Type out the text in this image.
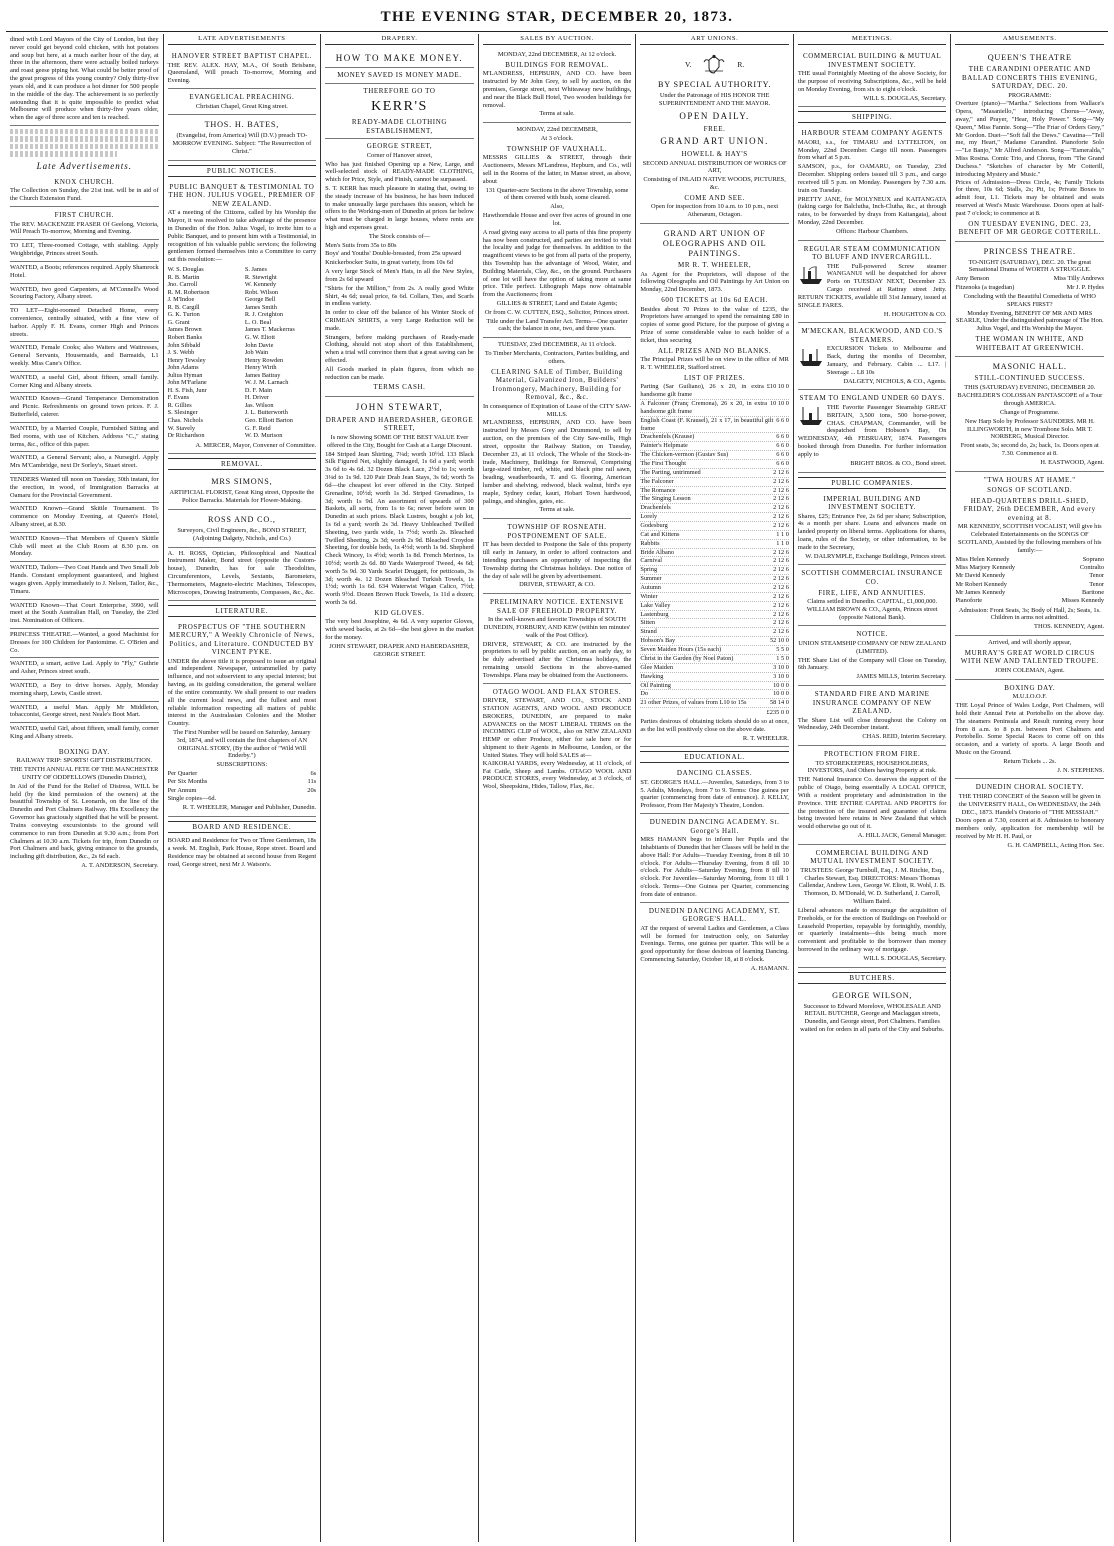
THE EVENING STAR, DECEMBER 20, 1873.
dined with Lord Mayors of the City of London, but they never could get beyond cold chicken, with hot potatoes and soup but here, at a much earlier hour of the day, at three in the afternoon, there were actually boiled turkeys and roast geese piping hot. What could be better proof of the great progress of this young country? Only thirty-five years old, and it can produce a hot dinner for 500 people in the middle of the day. The achievement is so perfectly astounding that it is quite impossible to predict what Melbourne will produce when thirty-five years older, when the age of three score and ten is reached.
Late Advertisements.
KNOX CHURCH.
The Collection on Sunday, the 21st inst. will be in aid of the Church Extension Fund.
FIRST CHURCH.
The REV. MACKENZIE FRASER Of Geelong, Victoria, Will Preach To-morrow, Morning and Evening.
TO LET, Three-roomed Cottage, with stabling. Apply Weighbridge, Princes street South.
WANTED, a Boots; references required. Apply Shamrock Hotel.
WANTED, two good Carpenters, at M'Connell's Wood Scouring Factory, Albany street.
TO LET—Eight-roomed Detached Home, every convenience, centrally situated, with a fine view of harbor. Apply F. H. Evans, corner High and Princes streets.
WANTED, Female Cooks; also Waiters and Waitresses, General Servants, Housemaids, and Barmaids, L1 weekly. Miss Cane's Office.
WANTED, a useful Girl, about fifteen, small family. Corner King and Albany streets.
WANTED Known—Grand Temperance Demonstration and Picnic. Refreshments on ground town prices. F. J. Butterfield, caterer.
WANTED, by a Married Couple, Furnished Sitting and Bed rooms, with use of Kitchen. Address "C.," stating terms, &c., office of this paper.
WANTED, a General Servant; also, a Nursegirl. Apply Mrs M'Cambridge, next Dr Sorley's, Stuart street.
TENDERS Wanted till noon on Tuesday, 30th instant, for the erection, in wood, of Immigration Barracks at Oamaru for the Provincial Government.
WANTED Known—Grand Skittle Tournament. To commence on Monday Evening, at Queen's Hotel, Albany street, at 8.30.
WANTED Known—That Members of Queen's Skittle Club will meet at the Club Room at 8.30 p.m. on Monday.
WANTED, Tailors—Two Coat Hands and Two Small Job Hands. Constant employment guaranteed, and highest wages given. Apply immediately to J. Nelson, Tailor, &c., Timaru.
WANTED Known—That Court Enterprise, 3990, will meet at the South Australian Hall, on Tuesday, the 23rd inst. Nomination of Officers.
PRINCESS THEATRE.—Wanted, a good Machinist for Dresses for 100 Children for Pantomime. C. O'Brien and Co.
WANTED, a smart, active Lad. Apply to "Fly," Guthrie and Asher, Princes street south.
WANTED, a Boy to drive horses. Apply, Monday morning sharp, Lewis, Castle street.
WANTED, a useful Man. Apply Mr Middleton, tobacconist, George street, next Neale's Boot Mart.
WANTED, useful Girl, about fifteen, small family, corner King and Albany streets.
BOXING DAY.
RAILWAY TRIP: SPORTS! GIFT DISTRIBUTION.
THE TENTH ANNUAL FETE OF THE MANCHESTER UNITY OF ODDFELLOWS (Dunedin District),
In Aid of the Fund for the Relief of Distress, WILL be held (by the kind permission of the owners) at the beautiful Township of St. Leonards, on the line of the Dunedin and Port Chalmers Railway. His Excellency the Governor has graciously signified that he will be present. Trains conveying excursionists to the ground will commence to run from Dunedin at 9.30 a.m.; from Port Chalmers at 10.30 a.m. Tickets for trip, from Dunedin or Port Chalmers and back, giving entrance to the grounds, including gift distribution, &c., 2s 6d each.
A. T. ANDERSON, Secretary.
LATE ADVERTISEMENTS
HANOVER STREET BAPTIST CHAPEL.
THE REV. ALEX. HAY, M.A., Of South Brisbane, Queensland, Will preach To-morrow, Morning and Evening.
EVANGELICAL PREACHING.
Christian Chapel, Great King street.
THOS. H. BATES,
(Evangelist, from America) Will (D.V.) preach TO-MORROW EVENING. Subject: "The Resurrection of Christ."
PUBLIC NOTICES.
PUBLIC BANQUET & TESTIMONIAL TO THE HON. JULIUS VOGEL, PREMIER OF NEW ZEALAND.
AT a meeting of the Citizens, called by his Worship the Mayor, it was resolved to take advantage of the presence in Dunedin of the Hon. Julius Vogel, to invite him to a Public Banquet, and to present him with a Testimonial, in recognition of his valuable public services; the following gentlemen formed themselves into a Committee to carry out this resolution:—
W. S. Douglas
R. B. Martin
Jno. Carroll
R. M. Robertson
J. M'Indoe
R. B. Cargill
G. K. Turton
G. Grant
James Brown
Robert Banks
John Sibbald
J. S. Webb
Henry Tewsley
John Adams
Julius Hyman
John M'Farlane
H. S. Fish, Junr
F. Evans
R. Gillies
S. Slesinger
Chas. Nichols
W. Stavely
Dr Richardson
S. James
R. Stewright
W. Kennedy
Robt. Wilson
George Bell
James Smith
R. J. Creighton
L. O. Beal
James T. Mackerras
G. W. Eliott
John Davie
Job Wain
Henry Rowden
Henry Wirth
James Battray
W. J. M. Larnach
D. F. Main
H. Driver
Jas. Wilson
J. L. Butterworth
Geo. Elliott Barton
G. F. Reid
W. D. Murison
A. MERCER, Mayor, Convener of Committee.
REMOVAL.
MRS SIMONS,
ARTIFICIAL FLORIST, Great King street, Opposite the Police Barracks. Materials for Flower-Making.
ROSS AND CO.,
Surveyors, Civil Engineers, &c., BOND STREET, (Adjoining Dalgety, Nichols, and Co.)
A. H. ROSS, Optician, Philosophical and Nautical Instrument Maker, Bond street (opposite the Custom-house), Dunedin, has for sale Theodolites, Circumferentors, Levels, Sextants, Barometers, Thermometers, Magneto-electric Machines, Telescopes, Microscopes, Drawing Instruments, Compasses, &c., &c.
LITERATURE.
PROSPECTUS OF "THE SOUTHERN MERCURY," A Weekly Chronicle of News, Politics, and Literature. CONDUCTED BY VINCENT PYKE.
UNDER the above title it is proposed to issue an original and independent Newspaper, untrammelled by party influence, and not subservient to any special interest; but having, as its guiding consideration, the general welfare of the entire community. We shall present to our readers all the current local news, and the fullest and most reliable information respecting all matters of public interest in the Australasian Colonies and the Mother Country.
The First Number will be issued on Saturday, January 3rd, 1874, and will contain the first chapters of AN ORIGINAL STORY, (By the author of "Wild Will Enderby.")
SUBSCRIPTIONS:
Per Quarter	6s
Per Six Months	11s
Per Annum	20s
Single copies—6d.
R. T. WHEELER, Manager and Publisher, Dunedin.
BOARD AND RESIDENCE.
BOARD and Residence for Two or Three Gentlemen, 18s a week. M. English, Park House, Rope street. Board and Residence may be obtained at second house from Regent road, George street, next Mr J. Watson's.
DRAPERY.
HOW TO MAKE MONEY.
MONEY SAVED IS MONEY MADE.
THEREFORE GO TO
KERR'S
READY-MADE CLOTHING ESTABLISHMENT,
GEORGE STREET,
Corner of Hanover street,
Who has just finished Opening up a New, Large, and well-selected stock of READY-MADE CLOTHING, which for Price, Style, and Finish, cannot be surpassed.
S. T. KERR has much pleasure in stating that, owing to the steady increase of his business, he has been induced to make unusually large purchases this season, which he offers to the Working-men of Dunedin at prices far below what must be charged in large houses, where rents are high and expenses great.
The Stock consists of—
Men's Suits from 35s to 80s
Boys' and Youths' Double-breasted, from 25s upward
Knickerbocker Suits, in great variety, from 10s 6d
A very large Stock of Men's Hats, in all the New Styles, from 2s 6d upward
"Shirts for the Million," from 2s. A really good White Shirt, 4s 6d; usual price, 6s 6d. Collars, Ties, and Scarfs in endless variety.
In order to clear off the balance of his Winter Stock of CRIMEAN SHIRTS, a very Large Reduction will be made.
Strangers, before making purchases of Ready-made Clothing, should not stop short of this Establishment, when a trial will convince them that a great saving can be effected.
All Goods marked in plain figures, from which no reduction can be made.
TERMS CASH.
JOHN STEWART,
DRAPER AND HABERDASHER, GEORGE STREET,
Is now Showing SOME OF THE BEST VALUE Ever offered in the City, Bought for Cash at a Large Discount.
184 Striped Jean Shirting, 7¼d; worth 10½d. 133 Black Silk Figured Net, slightly damaged, 1s 6d a yard; worth 3s 6d to 4s 6d. 32 Dozen Black Lace, 2½d to 1s; worth 3¼d to 1s 9d. 120 Pair Drab Jean Stays, 3s 6d; worth 5s 6d—the cheapest lot ever offered in the City. Striped Grenadine, 10½d; worth 1s 3d. Striped Grenadines, 1s 3d; worth 1s 9d. An assortment of upwards of 300 Baskets, all sorts, from 1s to 6s; never before seen in Dunedin at such prices. Black Lustres, bought a job lot, 1s 6d a yard; worth 2s 3d. Heavy Unbleached Twilled Sheeting, two yards wide, 1s 7½d; worth 2s. Bleached Twilled Sheeting, 2s 3d; worth 2s 9d. Bleached Croydon Sheeting, for double beds, 1s 4½d; worth 1s 9d. Shepherd Check Wincey, 1s 4½d; worth 1s 8d. French Merinos, 1s 10½d; worth 2s 6d. 80 Yards Waterproof Tweed, 4s 6d; worth 5s 9d. 30 Yards Scarlet Druggett, for petticoats, 3s 3d; worth 4s. 12 Dozen Bleached Turkish Towels, 1s 1½d; worth 1s 6d. 634 Waterwist Wigan Calico, 7½d; worth 9½d. Dozen Brown Huck Towels, 1s 11d a dozen; worth 3s 6d.
KID GLOVES.
The very best Josephine, 4s 6d. A very superior Gloves, with sewed backs, at 2s 6d—the best glove in the market for the money.
JOHN STEWART, DRAPER AND HABERDASHER, GEORGE STREET.
SALES BY AUCTION.
MONDAY, 22nd DECEMBER, At 12 o'clock.
BUILDINGS FOR REMOVAL.
M'LANDRESS, HEPBURN, AND CO. have been instructed by Mr John Grey, to sell by auction, on the premises, George street, next Whiteaway new buildings, and near the Black Bull Hotel, Two wooden buildings for removal.
Terms at sale.
MONDAY, 22nd DECEMBER,
At 3 o'clock.
TOWNSHIP OF VAUXHALL.
MESSRS GILLIES & STREET, through their Auctioneers, Messrs M'Landress, Hepburn, and Co., will sell in the Rooms of the latter, in Manse street, as above, about
131 Quarter-acre Sections in the above Township, some of them covered with bush, some cleared.
Also,
Hawthorndale House and over five acres of ground in one lot.
A road giving easy access to all parts of this fine property has now been constructed, and parties are invited to visit the locality and judge for themselves. In addition to the magnificent views to be got from all parts of the property, this Township has the advantage of Wood, Water, and Building Materials, Clay, &c., on the ground. Purchasers of one lot will have the option of taking more at same price. Title perfect. Lithograph Maps now obtainable from the Auctioneers; from
GILLIES & STREET, Land and Estate Agents;
Or from C. W. CUTTEN, ESQ., Solicitor, Princes street.
Title under the Land Transfer Act. Terms—One quarter cash; the balance in one, two, and three years.
TUESDAY, 23rd DECEMBER, At 11 o'clock.
To Timber Merchants, Contractors, Parties building, and others.
CLEARING SALE of Timber, Building Material, Galvanized Iron, Builders' Ironmongery, Machinery, Building for Removal, &c., &c.
In consequence of Expiration of Lease of the CITY SAW-MILLS.
M'LANDRESS, HEPBURN, AND CO. have been instructed by Messrs Grey and Drummond, to sell by auction, on the premises of the City Saw-mills, High street, opposite the Railway Station, on Tuesday, December 23, at 11 o'clock, The Whole of the Stock-in-trade, Machinery, Buildings for Removal, Comprising large-sized timber, red, white, and black pine rail sawn, beading, weatherboards, T. and G. flooring, American lumber and shelving, redwood, black walnut, bird's eye maple, Sydney cedar, kauri, Hobart Town hardwood, palings, and shingles, gates, etc.
Terms at sale.
TOWNSHIP OF ROSNEATH. POSTPONEMENT OF SALE.
IT has been decided to Postpone the Sale of this property till early in January, in order to afford contractors and intending purchasers an opportunity of inspecting the Township during the Christmas holidays. Due notice of the day of sale will be given by advertisement.
DRIVER, STEWART, & CO.
PRELIMINARY NOTICE. EXTENSIVE SALE OF FREEHOLD PROPERTY.
In the well-known and favorite Townships of SOUTH DUNEDIN, FORBURY, AND KEW (within ten minutes' walk of the Post Office).
DRIVER, STEWART, & CO. are instructed by the proprietors to sell by public auction, on an early day, to be duly advertised after the Christmas holidays, the remaining unsold Sections in the above-named Townships. Plans may be obtained from the Auctioneers.
OTAGO WOOL AND FLAX STORES.
DRIVER, STEWART, AND CO., STOCK AND STATION AGENTS, AND WOOL AND PRODUCE BROKERS, DUNEDIN, are prepared to make ADVANCES on the MOST LIBERAL TERMS on the INCOMING CLIP of WOOL, also on NEW ZEALAND HEMP or other Produce, either for sale here or for shipment to their Agents in Melbourne, London, or the United States. They will hold SALES at—
KAIKORAI YARDS, every Wednesday, at 11 o'clock, of Fat Cattle, Sheep and Lambs. OTAGO WOOL AND PRODUCE STORES, every Wednesday, at 3 o'clock, of Wool, Sheepskins, Hides, Tallow, Flax, &c.
ART UNIONS.
V.	R.
BY SPECIAL AUTHORITY.
Under the Patronage of HIS HONOR THE SUPERINTENDENT AND THE MAYOR.
OPEN DAILY.
FREE.
GRAND ART UNION.
HOWELL & HAY'S
SECOND ANNUAL DISTRIBUTION OF WORKS OF ART,
Consisting of INLAID NATIVE WOODS, PICTURES, &c.
COME AND SEE.
Open for inspection from 10 a.m. to 10 p.m., next Athenæum, Octagon.
GRAND ART UNION OF OLEOGRAPHS AND OIL PAINTINGS.
MR R. T. WHEELER,
As Agent for the Proprietors, will dispose of the following Oleographs and Oil Paintings by Art Union on Monday, 22nd December, 1873.
600 TICKETS at 10s 6d EACH.
Besides about 70 Prizes to the value of £235, the Proprietors have arranged to spend the remaining £80 in copies of some good Picture, for the purpose of giving a Prize of some considerable value to each holder of a ticket, thus securing
ALL PRIZES AND NO BLANKS.
The Principal Prizes will be on view in the office of MR R. T. WHEELER, Stafford street.
LIST OF PRIZES.
Parting (Sar Guiliano), 26 x 20, in extra handsome gilt frame
£10 10 0
A Falconer (Franç Cremona), 26 x 20, in extra handsome gilt frame
10 10 0
English Coast (F. Krausel), 21 x 17, in beautiful gilt frame
6 6 0
Drachenfels (Krause)	6 6 0
Painter's Helpmate	6 6 0
The Chicken-vermon (Gustav Sus)	6 6 0
The First Thought	6 6 0
The Parting, untrimmed	2 12 6
The Falconer	2 12 6
The Romance	2 12 6
The Singing Lesson	2 12 6
Drachenfels	2 12 6
Lorely	2 12 6
Godesburg	2 12 6
Cat and Kittens	1 1 0
Rabbits	1 1 0
Bride Albano	2 12 6
Carnival	2 12 6
Spring	2 12 6
Summer	2 12 6
Autumn	2 12 6
Winter	2 12 6
Lake Valley	2 12 6
Lastenburg	2 12 6
Sitten	2 12 6
Strand	2 12 6
Hobson's Bay	52 10 0
Seven Maiden Hours (15s each)	5 5 0
Christ in the Garden (by Noel Paton)	1 5 0
Glee Maiden	3 10 0
Hawking	3 10 0
Oil Painting	10 0 0
Do	10 0 0
21 other Prizes, of values from L10 to 15s	58 14 0
£235 0 0
Parties desirous of obtaining tickets should do so at once, as the list will positively close on the above date.
R. T. WHEELER.
EDUCATIONAL.
DANCING CLASSES.
ST. GEORGE'S HALL.—Juveniles, Saturdays, from 3 to 5. Adults, Mondays, from 7 to 9. Terms: One guinea per quarter (commencing from date of entrance). J. KELLY, Professor, From Her Majesty's Theatre, London.
DUNEDIN DANCING ACADEMY. St. George's Hall.
MRS HAMANN begs to inform her Pupils and the Inhabitants of Dunedin that her Classes will be held in the above Hall: For Adults—Tuesday Evening, from 8 till 10 o'clock. For Adults—Thursday Evening, from 8 till 10 o'clock. For Adults—Saturday Evening, from 8 till 10 o'clock. For Juveniles—Saturday Morning, from 11 till 1 o'clock. Terms—One Guinea per Quarter, commencing from date of entrance.
DUNEDIN DANCING ACADEMY, ST. GEORGE'S HALL.
AT the request of several Ladies and Gentlemen, a Class will be formed for instruction only, on Saturday Evenings. Terms, one guinea per quarter. This will be a good opportunity for those desirous of learning Dancing. Commencing Saturday, October 18, at 8 o'clock.
A. HAMANN.
MEETINGS.
COMMERCIAL BUILDING & MUTUAL INVESTMENT SOCIETY.
THE usual Fortnightly Meeting of the above Society, for the purpose of receiving Subscriptions, &c., will be held on Monday Evening, from six to eight o'clock.
WILL S. DOUGLAS, Secretary.
SHIPPING.
HARBOUR STEAM COMPANY AGENTS
MAORI, s.s., for TIMARU and LYTTELTON, on Monday, 22nd December. Cargo till noon. Passengers from wharf at 5 p.m.
SAMSON, p.s., for OAMARU, on Tuesday, 23rd December. Shipping orders issued till 3 p.m., and cargo received till 5 p.m. on Monday. Passengers by 7.30 a.m. train on Tuesday.
PRETTY JANE, for MOLYNEUX and KAITANGATA (taking cargo for Balclutha, Inch-Clutha, &c., at through rates, to be forwarded by drays from Kaitangata), about Monday, 22nd December.
Offices: Harbour Chambers.
REGULAR STEAM COMMUNICATION TO BLUFF AND INVERCARGILL.
THE Full-powered Screw steamer WANGANUI will be despatched for above Ports on TUESDAY NEXT, December 23. Cargo received at Rattray street Jetty. RETURN TICKETS, available till 31st January, issued at SINGLE FARES.
H. HOUGHTON & CO.
M'MECKAN, BLACKWOOD, AND CO.'S STEAMERS.
EXCURSION Tickets to Melbourne and Back, during the months of December, January, and February. Cabin ... L17. | Steerage ... L8 10s
DALGETY, NICHOLS, & CO., Agents.
STEAM TO ENGLAND UNDER 60 DAYS.
THE Favorite Passenger Steamship GREAT BRITAIN, 3,500 tons, 500 horse-power, CHAS. CHAPMAN, Commander, will be despatched from Hobson's Bay, On WEDNESDAY, 4th FEBRUARY, 1874. Passengers booked through from Dunedin. For further information apply to
BRIGHT BROS. & CO., Bond street.
PUBLIC COMPANIES.
IMPERIAL BUILDING AND INVESTMENT SOCIETY.
Shares, £25; Entrance Fee, 2s 6d per share; Subscription, 4s a month per share. Loans and advances made on landed property on liberal terms. Applications for shares, loans, rules of the Society, or other information, to be made to the Secretary,
W. DALRYMPLE, Exchange Buildings, Princes street.
SCOTTISH COMMERCIAL INSURANCE CO.
FIRE, LIFE, AND ANNUITIES.
Claims settled in Dunedin. CAPITAL, £1,000,000. WILLIAM BROWN & CO., Agents, Princes street (opposite National Bank).
NOTICE.
UNION STEAMSHIP COMPANY OF NEW ZEALAND (LIMITED).
THE Share List of the Company will Close on Tuesday, 6th January.
JAMES MILLS, Interim Secretary.
STANDARD FIRE AND MARINE INSURANCE COMPANY OF NEW ZEALAND.
The Share List will close throughout the Colony on Wednesday, 24th December instant.
CHAS. REID, Interim Secretary.
PROTECTION FROM FIRE.
TO STOREKEEPERS, HOUSEHOLDERS, INVESTORS, And Others having Property at risk.
THE National Insurance Co. deserves the support of the public of Otago, being essentially A LOCAL OFFICE, With a resident proprietary and administration in the Province. THE ENTIRE CAPITAL AND PROFITS for the protection of the insured and guarantee of claims being invested here retains in New Zealand that which would otherwise go out of it.
A. HILL JACK, General Manager.
COMMERCIAL BUILDING AND MUTUAL INVESTMENT SOCIETY.
TRUSTEES: George Turnbull, Esq., J. M. Ritchie, Esq., Charles Stewart, Esq. DIRECTORS: Messrs Thomas Callendar, Andrew Lees, George W. Eliott, R. Wohl, J. B. Thomson, D. M'Donald, W. D. Sutherland, J. Carroll, William Baird.
Liberal advances made to encourage the acquisition of Freeholds, or for the erection of Buildings on Freehold or Leasehold Properties, repayable by fortnightly, monthly, or quarterly instalments—this being much more convenient and profitable to the borrower than money borrowed in the ordinary way of mortgage.
WILL S. DOUGLAS, Secretary.
BUTCHERS.
GEORGE WILSON,
Successor to Edward Morelove, WHOLESALE AND RETAIL BUTCHER, George and Maclaggan streets, Dunedin, and George street, Port Chalmers. Families waited on for orders in all parts of the City and Suburbs.
AMUSEMENTS.
QUEEN'S THEATRE
THE CARANDINI OPERATIC AND BALLAD CONCERTS THIS EVENING, SATURDAY, DEC. 20.
PROGRAMME:
Overture (piano)—"Martha." Selections from Wallace's Opera, "Masaniello," introducing Chorus—"Away, away," and Prayer, "Hear, Holy Power." Song—"My Queen," Miss Fannie. Song—"The Friar of Orders Grey," Mr Gordon. Duet—"Soft fall the Dews." Cavatina—"Tell me, my Heart," Madame Carandini. Pianoforte Solo—"Le Banjo," Mr Alfred Anderson. Song—"Esmeralda," Miss Rosina. Comic Trio, and Chorus, from "The Grand Duchess." "Sketches of character by Mr Cotterill, introducing Mystery and Music."
Prices of Admission—Dress Circle, 4s; Family Tickets for three, 10s 6d; Stalls, 2s; Pit, 1s; Private Boxes to admit four, L1. Tickets may be obtained and seats reserved at West's Music Warehouse. Doors open at half-past 7 o'clock; to commence at 8.
ON TUESDAY EVENING, DEC. 23, BENEFIT OF MR GEORGE COTTERILL.
PRINCESS THEATRE.
TO-NIGHT (SATURDAY), DEC. 20. The great Sensational Drama of WORTH A STRUGGLE.
Amy Benson	Miss Tilly Andrews
Fitzenoks (a tragedian)	Mr J. P. Hydes
Concluding with the Beautiful Comedietta of WHO SPEAKS FIRST?
Monday Evening, BENEFIT OF MR AND MRS SEARLE, Under the distinguished patronage of The Hon. Julius Vogel, and His Worship the Mayor.
THE WOMAN IN WHITE, AND WHITEBAIT AT GREENWICH.
MASONIC HALL.
STILL-CONTINUED SUCCESS.
THIS (SATURDAY) EVENING, DECEMBER 20.
BACHELDER'S COLOSSAN PANTASCOPE of a Tour through AMERICA.
Change of Programme.
New Harp Solo by Professor SAUNDERS. MR H. ILLINGWORTH, in new Trombone Solo. MR T. NORBERG, Musical Director.
Front seats, 3s; second do, 2s; back, 1s. Doors open at 7.30. Commence at 8.
H. EASTWOOD, Agent.
"TWA HOURS AT HAME."
SONGS OF SCOTLAND.
HEAD-QUARTERS DRILL-SHED, FRIDAY, 26th DECEMBER, And every evening at 8.
MR KENNEDY, SCOTTISH VOCALIST, Will give his Celebrated Entertainments on the SONGS OF SCOTLAND, Assisted by the following members of his family:—
Miss Helen Kennedy	Soprano
Miss Marjory Kennedy	Contralto
Mr David Kennedy	Tenor
Mr Robert Kennedy	Tenor
Mr James Kennedy	Baritone
Pianoforte	Misses Kennedy
Admission: Front Seats, 3s; Body of Hall, 2s; Seats, 1s. Children in arms not admitted.
THOS. KENNEDY, Agent.
Arrived, and will shortly appear,
MURRAY'S GREAT WORLD CIRCUS WITH NEW AND TALENTED TROUPE.
JOHN COLEMAN, Agent.
BOXING DAY.
M.U.I.O.O.F.
THE Loyal Prince of Wales Lodge, Port Chalmers, will hold their Annual Fete at Portobello on the above day. The steamers Peninsula and Result running every hour from 8 a.m. to 8 p.m. between Port Chalmers and Portobello. Some Special Races to come off on this occasion, and a variety of sports. A large Booth and Music on the Ground.
Return Tickets ... 2s.
J. N. STEPHENS.
DUNEDIN CHORAL SOCIETY.
THE THIRD CONCERT of the Season will be given in the UNIVERSITY HALL, On WEDNESDAY, the 24th DEC., 1873. Handel's Oratorio of "THE MESSIAH."
Doors open at 7.30, concert at 8. Admission to honorary members only, application for membership will be received by Mr H. H. Paul, or
G. H. CAMPBELL, Acting Hon. Sec.
